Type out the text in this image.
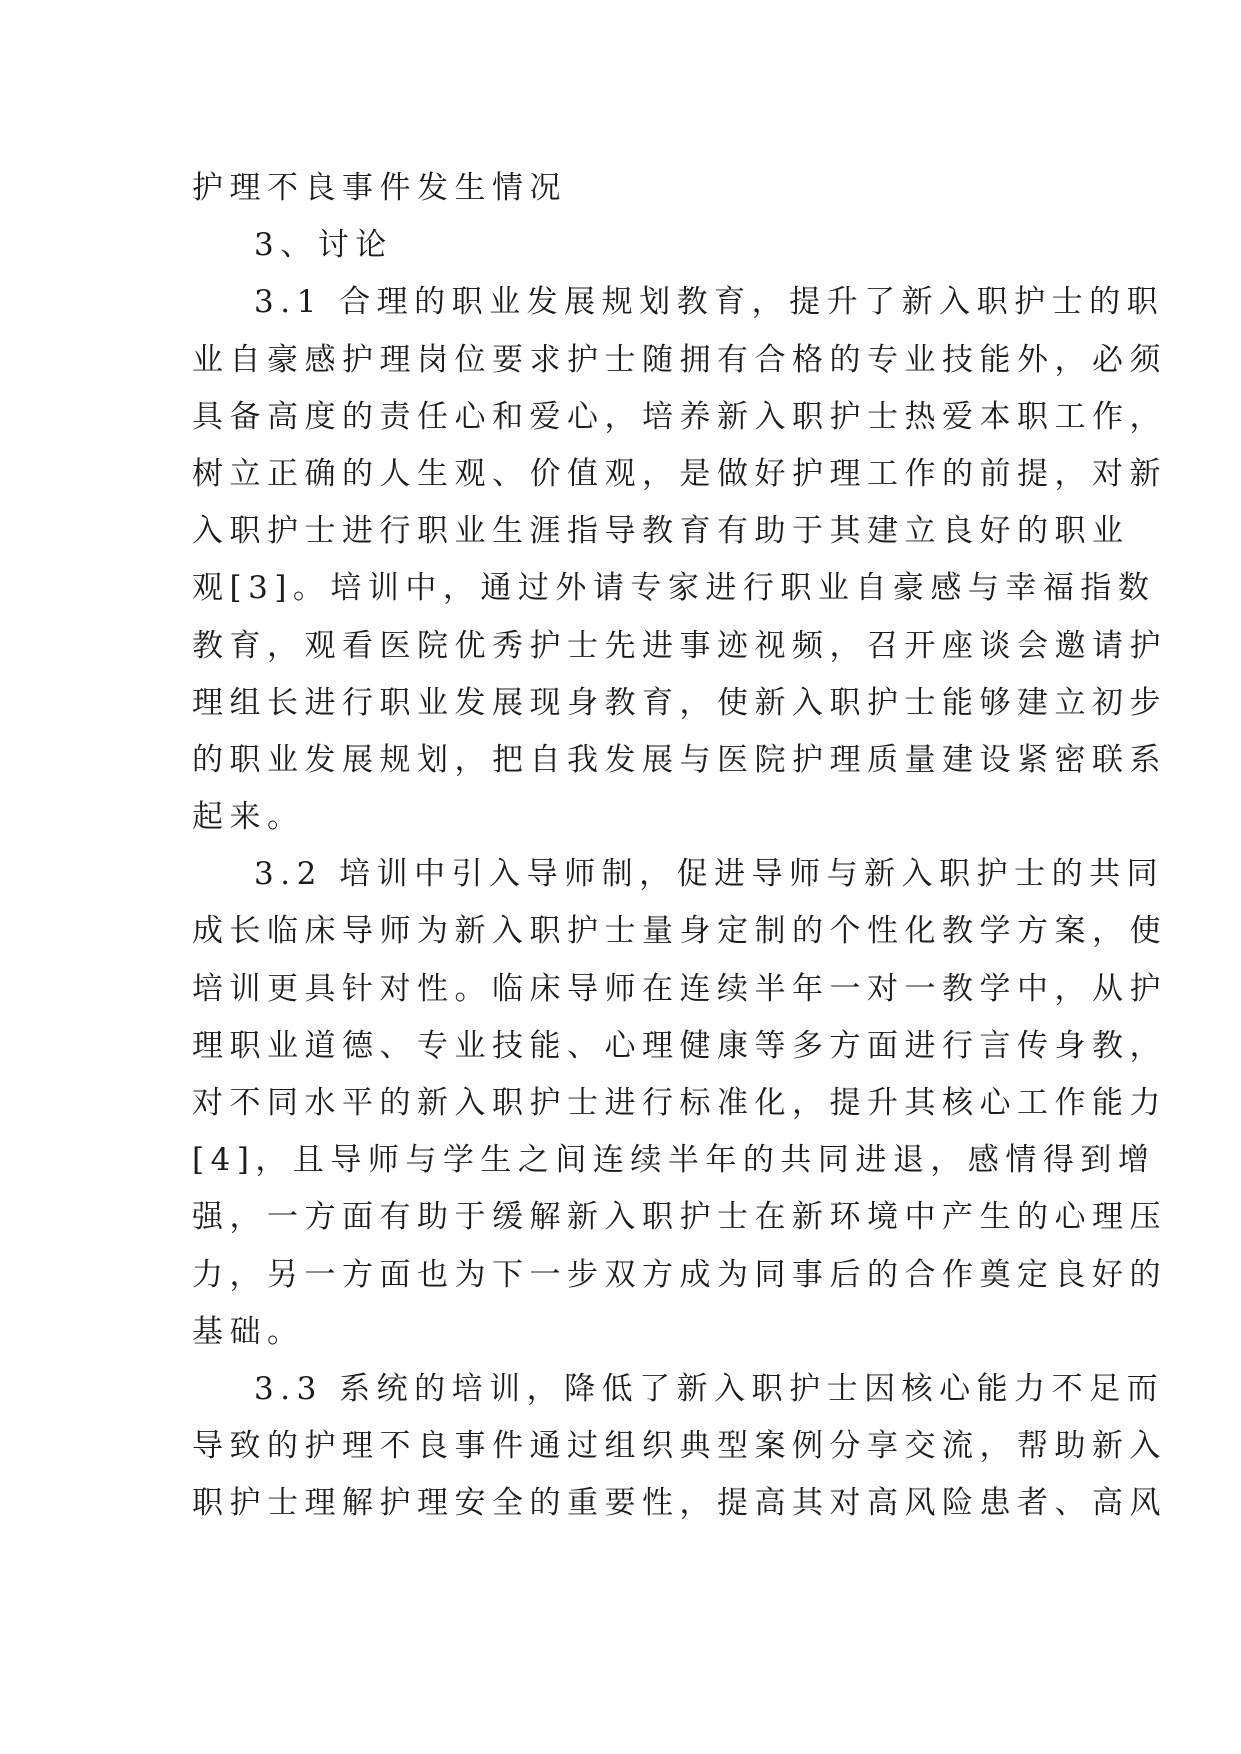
护理不良事件发生情况
3、讨论
3.1 合理的职业发展规划教育，提升了新入职护士的职
业自豪感护理岗位要求护士随拥有合格的专业技能外，必须
具备高度的责任心和爱心，培养新入职护士热爱本职工作，
树立正确的人生观、价值观，是做好护理工作的前提，对新
入职护士进行职业生涯指导教育有助于其建立良好的职业
观[3]。培训中，通过外请专家进行职业自豪感与幸福指数
教育，观看医院优秀护士先进事迹视频，召开座谈会邀请护
理组长进行职业发展现身教育，使新入职护士能够建立初步
的职业发展规划，把自我发展与医院护理质量建设紧密联系
起来。
3.2 培训中引入导师制，促进导师与新入职护士的共同
成长临床导师为新入职护士量身定制的个性化教学方案，使
培训更具针对性。临床导师在连续半年一对一教学中，从护
理职业道德、专业技能、心理健康等多方面进行言传身教，
对不同水平的新入职护士进行标准化，提升其核心工作能力
[4]，且导师与学生之间连续半年的共同进退，感情得到增
强，一方面有助于缓解新入职护士在新环境中产生的心理压
力，另一方面也为下一步双方成为同事后的合作奠定良好的
基础。
3.3 系统的培训，降低了新入职护士因核心能力不足而
导致的护理不良事件通过组织典型案例分享交流，帮助新入
职护士理解护理安全的重要性，提高其对高风险患者、高风
